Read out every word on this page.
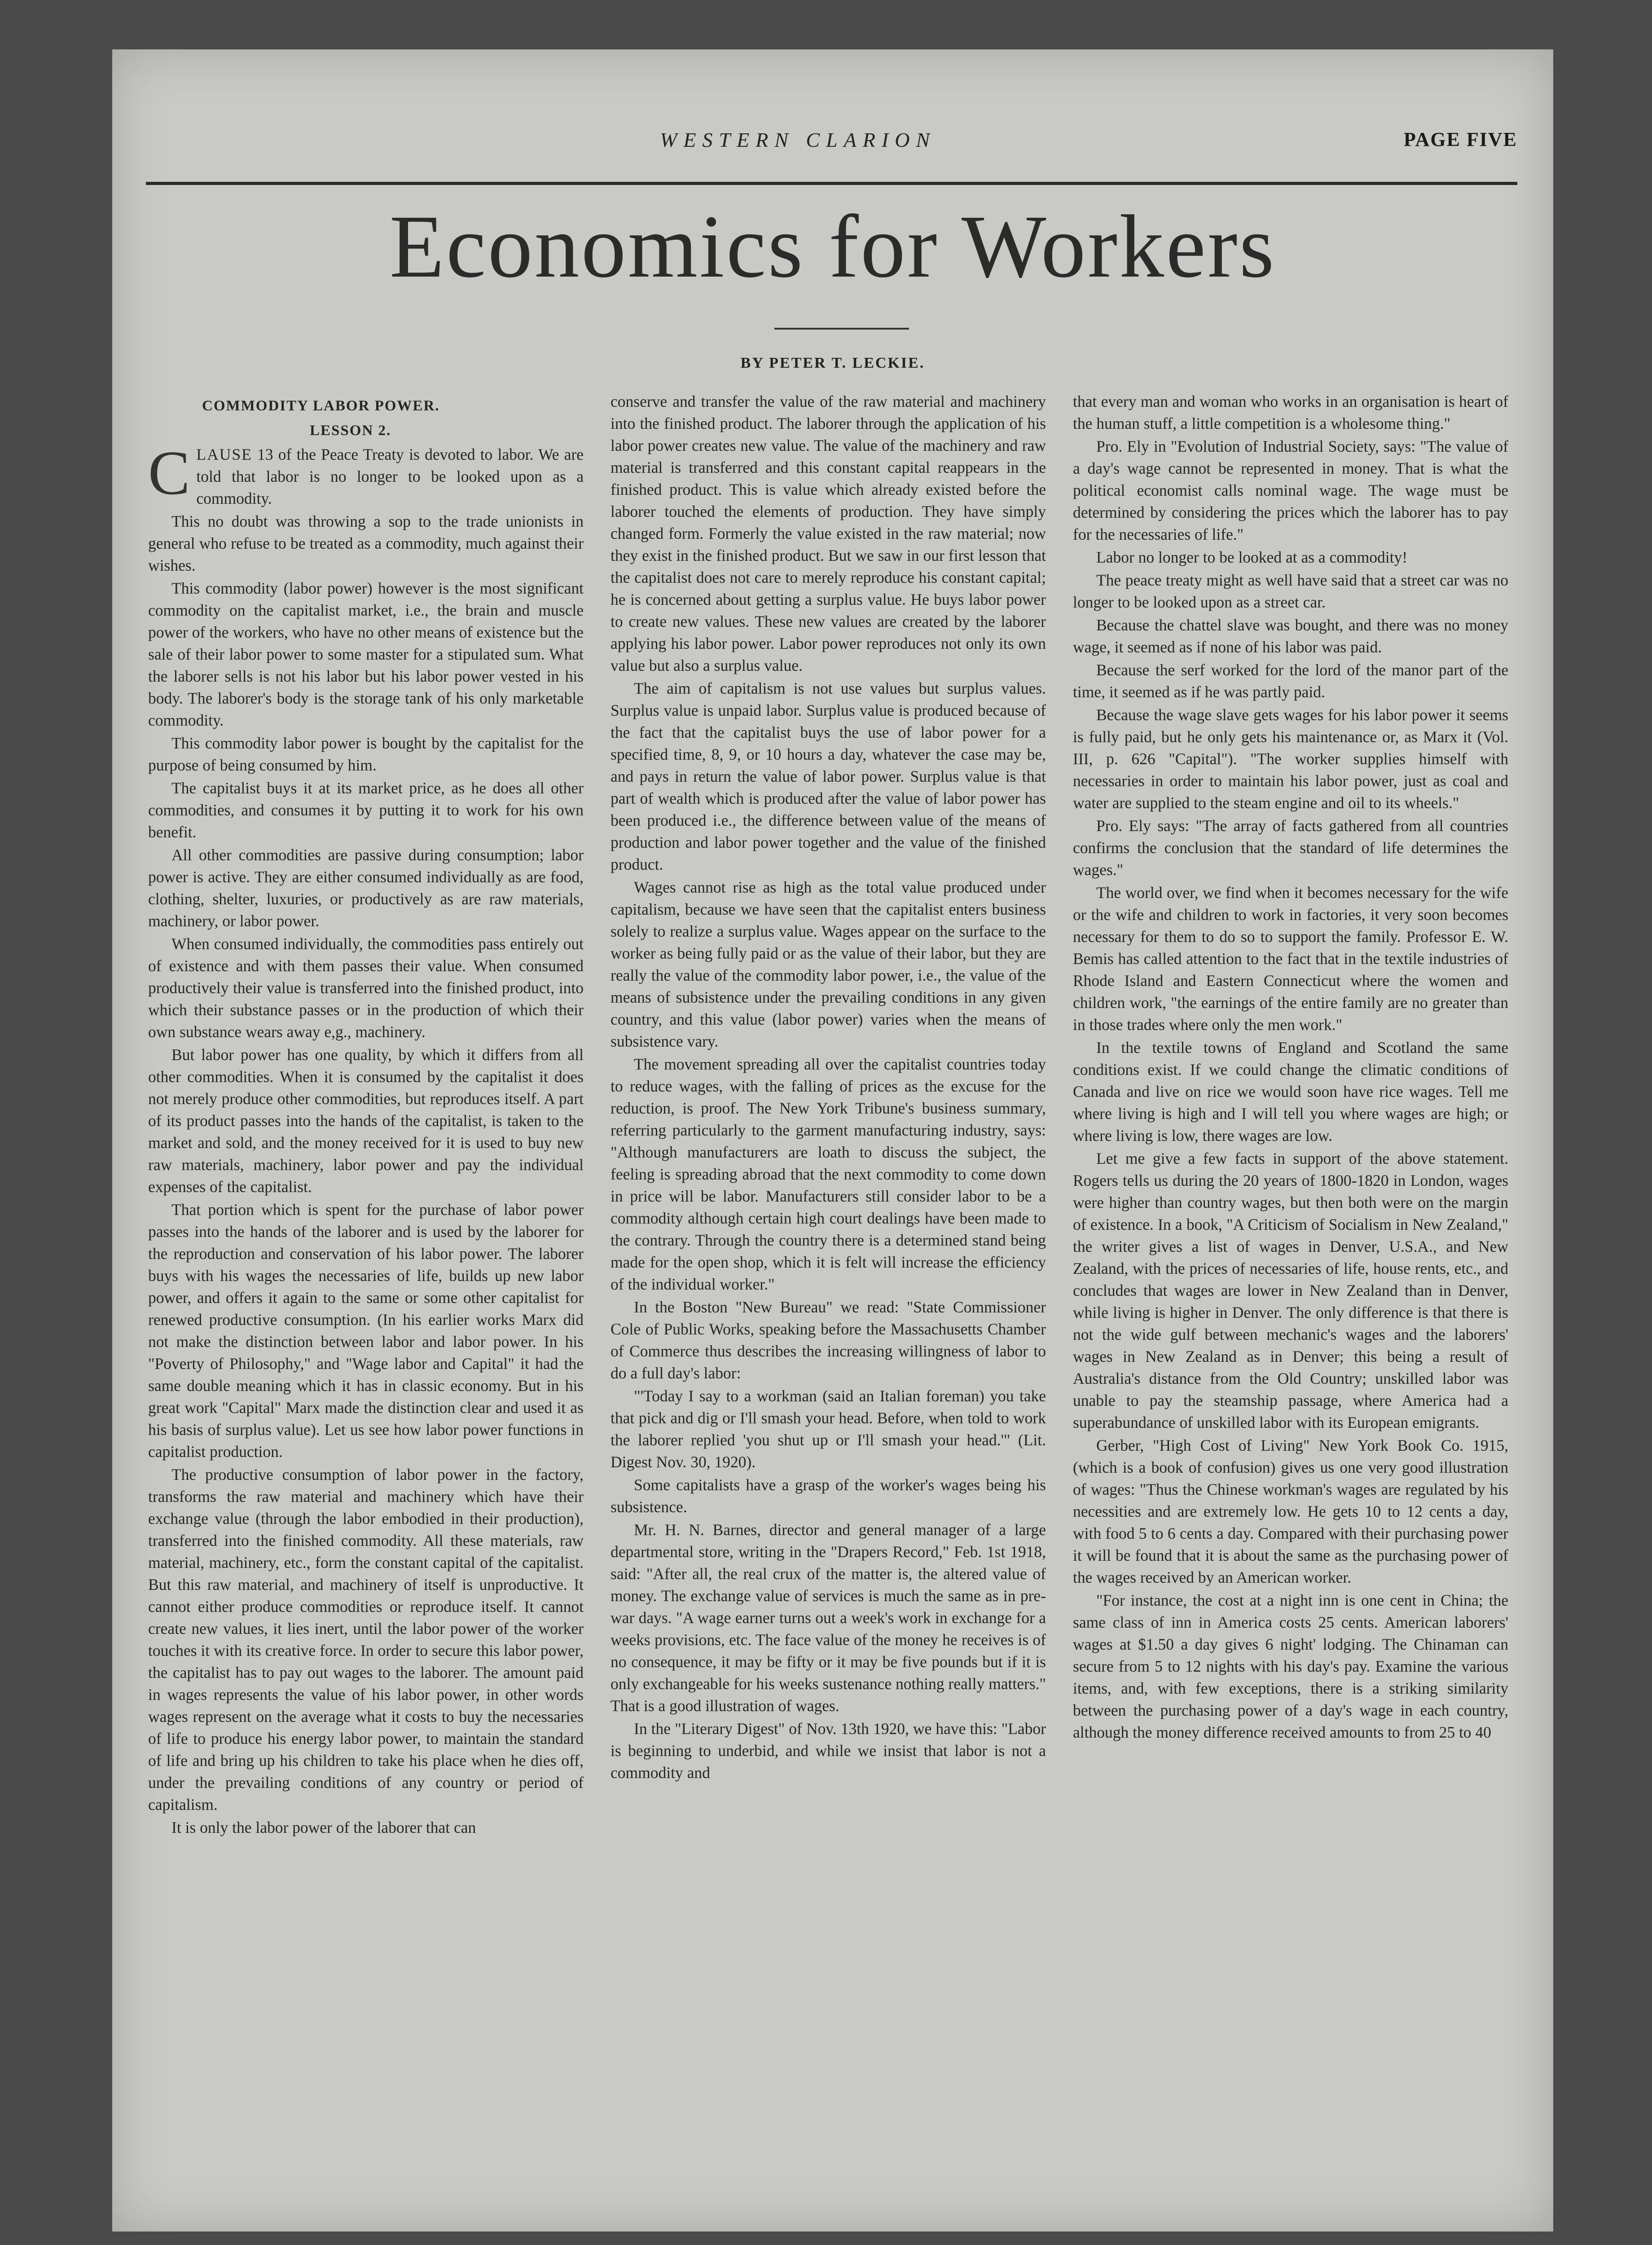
WESTERN CLARION	PAGE FIVE
Economics for Workers
BY PETER T. LECKIE.
COMMODITY LABOR POWER.
LESSON 2.

CLAUSE 13 of the Peace Treaty is devoted to labor. We are told that labor is no longer to be looked upon as a commodity.

This no doubt was throwing a sop to the trade unionists in general who refuse to be treated as a commodity, much against their wishes.

This commodity (labor power) however is the most significant commodity on the capitalist market, i.e., the brain and muscle power of the workers, who have no other means of existence but the sale of their labor power to some master for a stipulated sum. What the laborer sells is not his labor but his labor power vested in his body. The laborer's body is the storage tank of his only marketable commodity.

This commodity labor power is bought by the capitalist for the purpose of being consumed by him.

The capitalist buys it at its market price, as he does all other commodities, and consumes it by putting it to work for his own benefit.

All other commodities are passive during consumption; labor power is active. They are either consumed individually as are food, clothing, shelter, luxuries, or productively as are raw materials, machinery, or labor power.

When consumed individually, the commodities pass entirely out of existence and with them passes their value. When consumed productively their value is transferred into the finished product, into which their substance passes or in the production of which their own substance wears away e,g., machinery.

But labor power has one quality, by which it differs from all other commodities. When it is consumed by the capitalist it does not merely produce other commodities, but reproduces itself. A part of its product passes into the hands of the capitalist, is taken to the market and sold, and the money received for it is used to buy new raw materials, machinery, labor power and pay the individual expenses of the capitalist.

That portion which is spent for the purchase of labor power passes into the hands of the laborer and is used by the laborer for the reproduction and conservation of his labor power. The laborer buys with his wages the necessaries of life, builds up new labor power, and offers it again to the same or some other capitalist for renewed productive consumption. (In his earlier works Marx did not make the distinction between labor and labor power. In his "Poverty of Philosophy," and "Wage labor and Capital" it had the same double meaning which it has in classic economy. But in his great work "Capital" Marx made the distinction clear and used it as his basis of surplus value). Let us see how labor power functions in capitalist production.

The productive consumption of labor power in the factory, transforms the raw material and machinery which have their exchange value (through the labor embodied in their production), transferred into the finished commodity. All these materials, raw material, machinery, etc., form the constant capital of the capitalist. But this raw material, and machinery of itself is unproductive. It cannot either produce commodities or reproduce itself. It cannot create new values, it lies inert, until the labor power of the worker touches it with its creative force. In order to secure this labor power, the capitalist has to pay out wages to the laborer. The amount paid in wages represents the value of his labor power, in other words wages represent on the average what it costs to buy the necessaries of life to produce his energy labor power, to maintain the standard of life and bring up his children to take his place when he dies off, under the prevailing conditions of any country or period of capitalism.

It is only the labor power of the laborer that can

conserve and transfer the value of the raw material and machinery into the finished product. The laborer through the application of his labor power creates new value. The value of the machinery and raw material is transferred and this constant capital reappears in the finished product. This is value which already existed before the laborer touched the elements of production. They have simply changed form. Formerly the value existed in the raw material; now they exist in the finished product. But we saw in our first lesson that the capitalist does not care to merely reproduce his constant capital; he is concerned about getting a surplus value. He buys labor power to create new values. These new values are created by the laborer applying his labor power. Labor power reproduces not only its own value but also a surplus value.

The aim of capitalism is not use values but surplus values. Surplus value is unpaid labor. Surplus value is produced because of the fact that the capitalist buys the use of labor power for a specified time, 8, 9, or 10 hours a day, whatever the case may be, and pays in return the value of labor power. Surplus value is that part of wealth which is produced after the value of labor power has been produced i.e., the difference between value of the means of production and labor power together and the value of the finished product.

Wages cannot rise as high as the total value produced under capitalism, because we have seen that the capitalist enters business solely to realize a surplus value. Wages appear on the surface to the worker as being fully paid or as the value of their labor, but they are really the value of the commodity labor power, i.e., the value of the means of subsistence under the prevailing conditions in any given country, and this value (labor power) varies when the means of subsistence vary.

The movement spreading all over the capitalist countries today to reduce wages, with the falling of prices as the excuse for the reduction, is proof. The New York Tribune's business summary, referring particularly to the garment manufacturing industry, says: "Although manufacturers are loath to discuss the subject, the feeling is spreading abroad that the next commodity to come down in price will be labor. Manufacturers still consider labor to be a commodity although certain high court dealings have been made to the contrary. Through the country there is a determined stand being made for the open shop, which it is felt will increase the efficiency of the individual worker."

In the Boston "New Bureau" we read: "State Commissioner Cole of Public Works, speaking before the Massachusetts Chamber of Commerce thus describes the increasing willingness of labor to do a full day's labor:

"'Today I say to a workman (said an Italian foreman) you take that pick and dig or I'll smash your head. Before, when told to work the laborer replied 'you shut up or I'll smash your head.'" (Lit. Digest Nov. 30, 1920).

Some capitalists have a grasp of the worker's wages being his subsistence.

Mr. H. N. Barnes, director and general manager of a large departmental store, writing in the "Drapers Record," Feb. 1st 1918, said: "After all, the real crux of the matter is, the altered value of money. The exchange value of services is much the same as in pre-war days. "A wage earner turns out a week's work in exchange for a weeks provisions, etc. The face value of the money he receives is of no consequence, it may be fifty or it may be five pounds but if it is only exchangeable for his weeks sustenance nothing really matters." That is a good illustration of wages.

In the "Literary Digest" of Nov. 13th 1920, we have this: "Labor is beginning to underbid, and while we insist that labor is not a commodity and

that every man and woman who works in an organisation is heart of the human stuff, a little competition is a wholesome thing."

Pro. Ely in "Evolution of Industrial Society, says: "The value of a day's wage cannot be represented in money. That is what the political economist calls nominal wage. The wage must be determined by considering the prices which the laborer has to pay for the necessaries of life."

Labor no longer to be looked at as a commodity!

The peace treaty might as well have said that a street car was no longer to be looked upon as a street car.

Because the chattel slave was bought, and there was no money wage, it seemed as if none of his labor was paid.

Because the serf worked for the lord of the manor part of the time, it seemed as if he was partly paid.

Because the wage slave gets wages for his labor power it seems is fully paid, but he only gets his maintenance or, as Marx it (Vol. III, p. 626 "Capital"). "The worker supplies himself with necessaries in order to maintain his labor power, just as coal and water are supplied to the steam engine and oil to its wheels."

Pro. Ely says: "The array of facts gathered from all countries confirms the conclusion that the standard of life determines the wages."

The world over, we find when it becomes necessary for the wife or the wife and children to work in factories, it very soon becomes necessary for them to do so to support the family. Professor E. W. Bemis has called attention to the fact that in the textile industries of Rhode Island and Eastern Connecticut where the women and children work, "the earnings of the entire family are no greater than in those trades where only the men work."

In the textile towns of England and Scotland the same conditions exist. If we could change the climatic conditions of Canada and live on rice we would soon have rice wages. Tell me where living is high and I will tell you where wages are high; or where living is low, there wages are low.

Let me give a few facts in support of the above statement. Rogers tells us during the 20 years of 1800-1820 in London, wages were higher than country wages, but then both were on the margin of existence. In a book, "A Criticism of Socialism in New Zealand," the writer gives a list of wages in Denver, U.S.A., and New Zealand, with the prices of necessaries of life, house rents, etc., and concludes that wages are lower in New Zealand than in Denver, while living is higher in Denver. The only difference is that there is not the wide gulf between mechanic's wages and the laborers' wages in New Zealand as in Denver; this being a result of Australia's distance from the Old Country; unskilled labor was unable to pay the steamship passage, where America had a superabundance of unskilled labor with its European emigrants.

Gerber, "High Cost of Living" New York Book Co. 1915, (which is a book of confusion) gives us one very good illustration of wages: "Thus the Chinese workman's wages are regulated by his necessities and are extremely low. He gets 10 to 12 cents a day, with food 5 to 6 cents a day. Compared with their purchasing power it will be found that it is about the same as the purchasing power of the wages received by an American worker.

"For instance, the cost at a night inn is one cent in China; the same class of inn in America costs 25 cents. American laborers' wages at $1.50 a day gives 6 night' lodging. The Chinaman can secure from 5 to 12 nights with his day's pay. Examine the various items, and, with few exceptions, there is a striking similarity between the purchasing power of a day's wage in each country, although the money difference received amounts to from 25 to 40
